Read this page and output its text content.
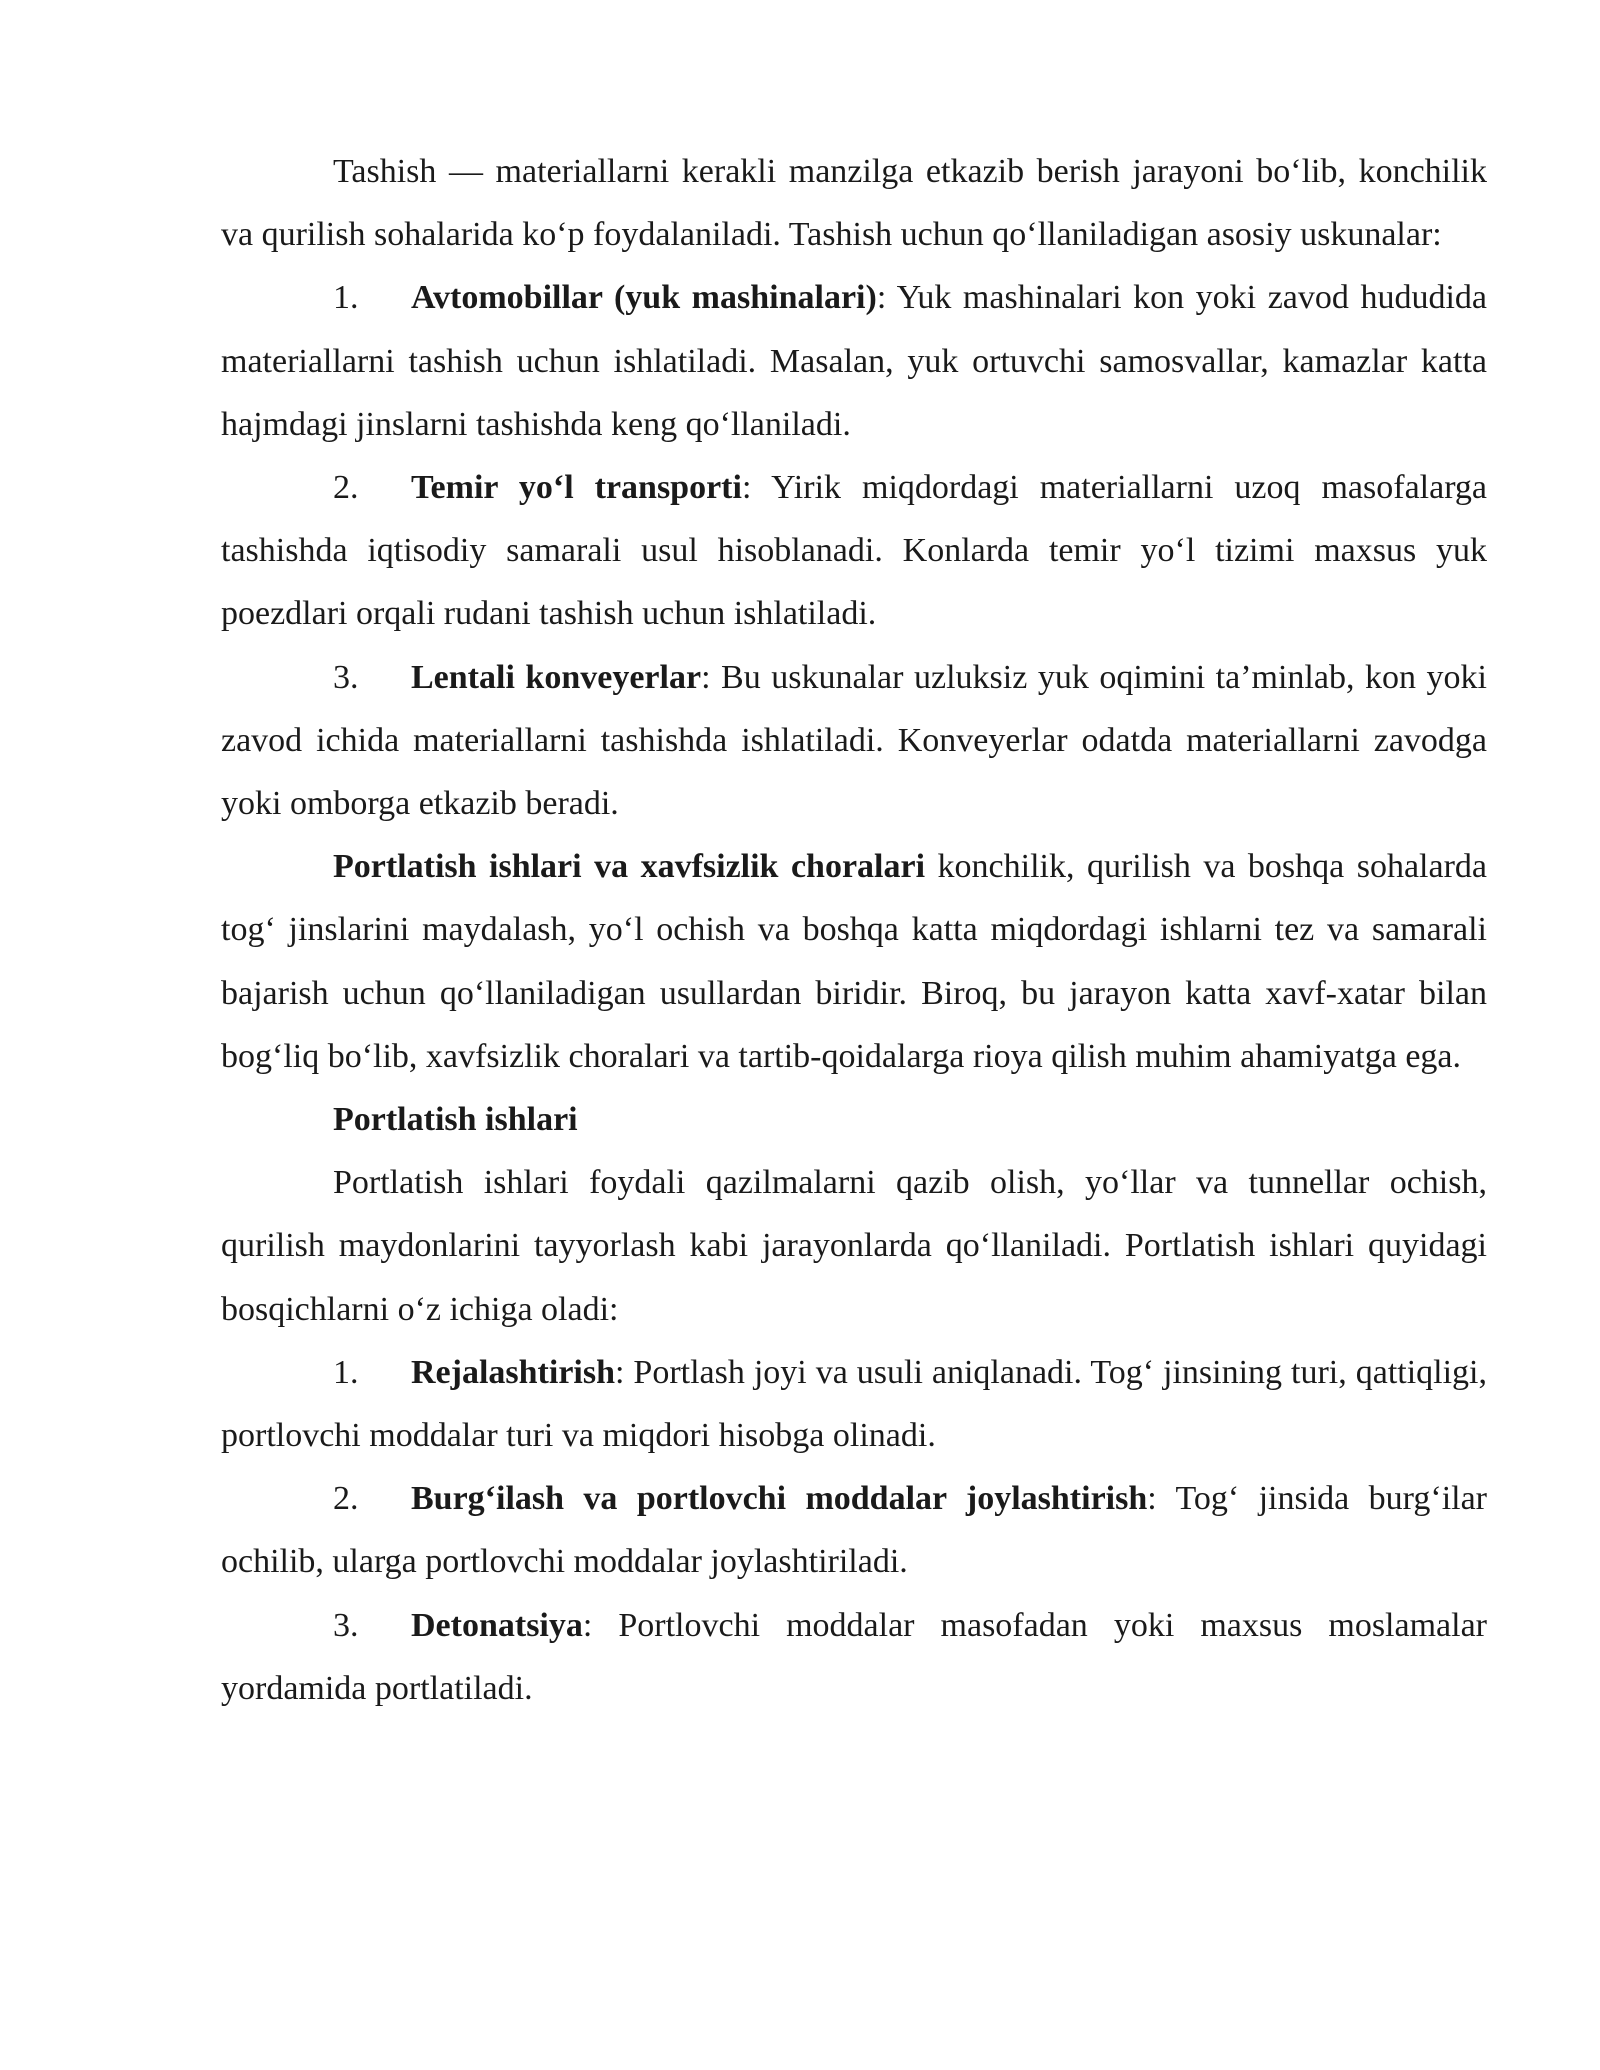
Tashish — materiallarni kerakli manzilga etkazib berish jarayoni bo‘lib, konchilik va qurilish sohalarida ko‘p foydalaniladi. Tashish uchun qo‘llaniladigan asosiy uskunalar:

1. Avtomobillar (yuk mashinalari): Yuk mashinalari kon yoki zavod hududida materiallarni tashish uchun ishlatiladi. Masalan, yuk ortuvchi samosvallar, kamazlar katta hajmdagi jinslarni tashishda keng qo‘llaniladi.

2. Temir yo‘l transporti: Yirik miqdordagi materiallarni uzoq masofalarga tashishda iqtisodiy samarali usul hisoblanadi. Konlarda temir yo‘l tizimi maxsus yuk poezdlari orqali rudani tashish uchun ishlatiladi.

3. Lentali konveyerlar: Bu uskunalar uzluksiz yuk oqimini ta’minlab, kon yoki zavod ichida materiallarni tashishda ishlatiladi. Konveyerlar odatda materiallarni zavodga yoki omborga etkazib beradi.

Portlatish ishlari va xavfsizlik choralari konchilik, qurilish va boshqa sohalarda tog‘ jinslarini maydalash, yo‘l ochish va boshqa katta miqdordagi ishlarni tez va samarali bajarish uchun qo‘llaniladigan usullardan biridir. Biroq, bu jarayon katta xavf-xatar bilan bog‘liq bo‘lib, xavfsizlik choralari va tartib-qoidalarga rioya qilish muhim ahamiyatga ega.

Portlatish ishlari

Portlatish ishlari foydali qazilmalarni qazib olish, yo‘llar va tunnellar ochish, qurilish maydonlarini tayyorlash kabi jarayonlarda qo‘llaniladi. Portlatish ishlari quyidagi bosqichlarni o‘z ichiga oladi:

1. Rejalashtirish: Portlash joyi va usuli aniqlanadi. Tog‘ jinsining turi, qattiqligi, portlovchi moddalar turi va miqdori hisobga olinadi.

2. Burg‘ilash va portlovchi moddalar joylashtirish: Tog‘ jinsida burg‘ilar ochilib, ularga portlovchi moddalar joylashtiriladi.

3. Detonatsiya: Portlovchi moddalar masofadan yoki maxsus moslamalar yordamida portlatiladi.
